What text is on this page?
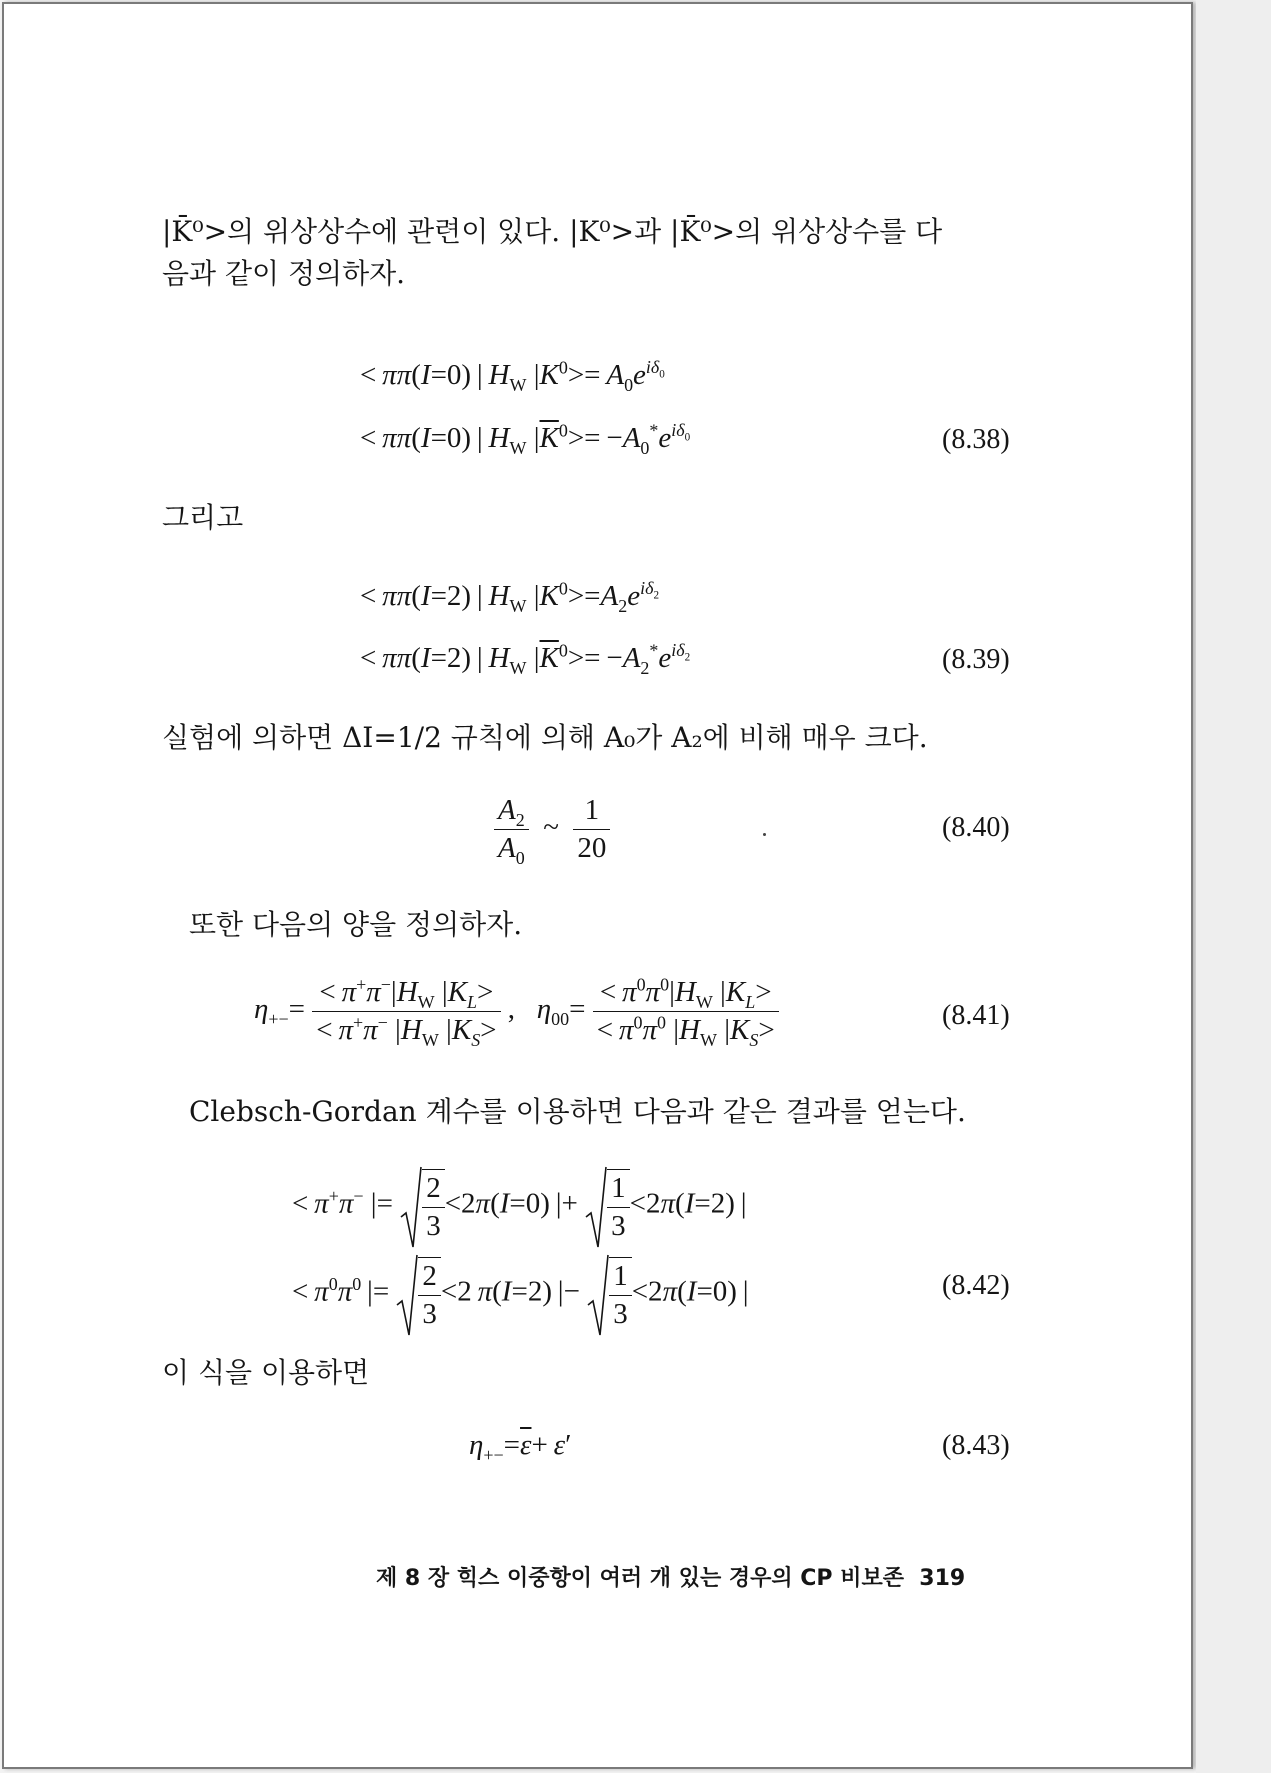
|K̄⁰>의 위상상수에 관련이 있다. |K⁰>과 |K̄⁰>의 위상상수를 다
음과 같이 정의하자.
< ππ(I=0) | $H_W$ $|K^0>= A_0e^{i\delta_0}$
< ππ(I=0) | $H_W$ $|\overline{K}^0>= -A_0^*e^{i\delta_0}$	(8.38)
그리고
< ππ(I=2) | $H_W$ $|K^0>=A_2e^{i\delta_2}$
< ππ(I=2) | $H_W$ $|\overline{K}^0>= -A_2^*e^{i\delta_2}$	(8.39)
실험에 의하면 ΔI=1/2 규칙에 의해 A₀가 A₂에 비해 매우 크다.
$\frac{A_2}{A_0}$ ~ $\frac{1}{20}$	(8.40)
또한 다음의 양을 정의하자.
$\eta_{+-}= \frac{< \pi^+\pi^-|H_W |K_L>}{< \pi^+\pi^- |H_W |K_S>}$ ,   $\eta_{00}= \frac{< \pi^0\pi^0|H_W |K_L>}{< \pi^0\pi^0 |H_W |K_S>}$	(8.41)
Clebsch-Gordan 계수를 이용하면 다음과 같은 결과를 얻는다.
< π+π− |= $\frac{2}{3} <2\pi(I=0)$ |+ $\frac{1}{3} <2\pi(I=2)$ |
< $\pi^0\pi^0$ |= $\frac{2}{3} <2$ π(I=2) |− $\frac{1}{3} <2\pi(I=0)$ |	(8.42)
이 식을 이용하면
$\eta_{+-}=\overline{\varepsilon}+ \varepsilon'$	(8.43)
제 8 장 힉스 이중항이 여러 개 있는 경우의 CP 비보존 319
